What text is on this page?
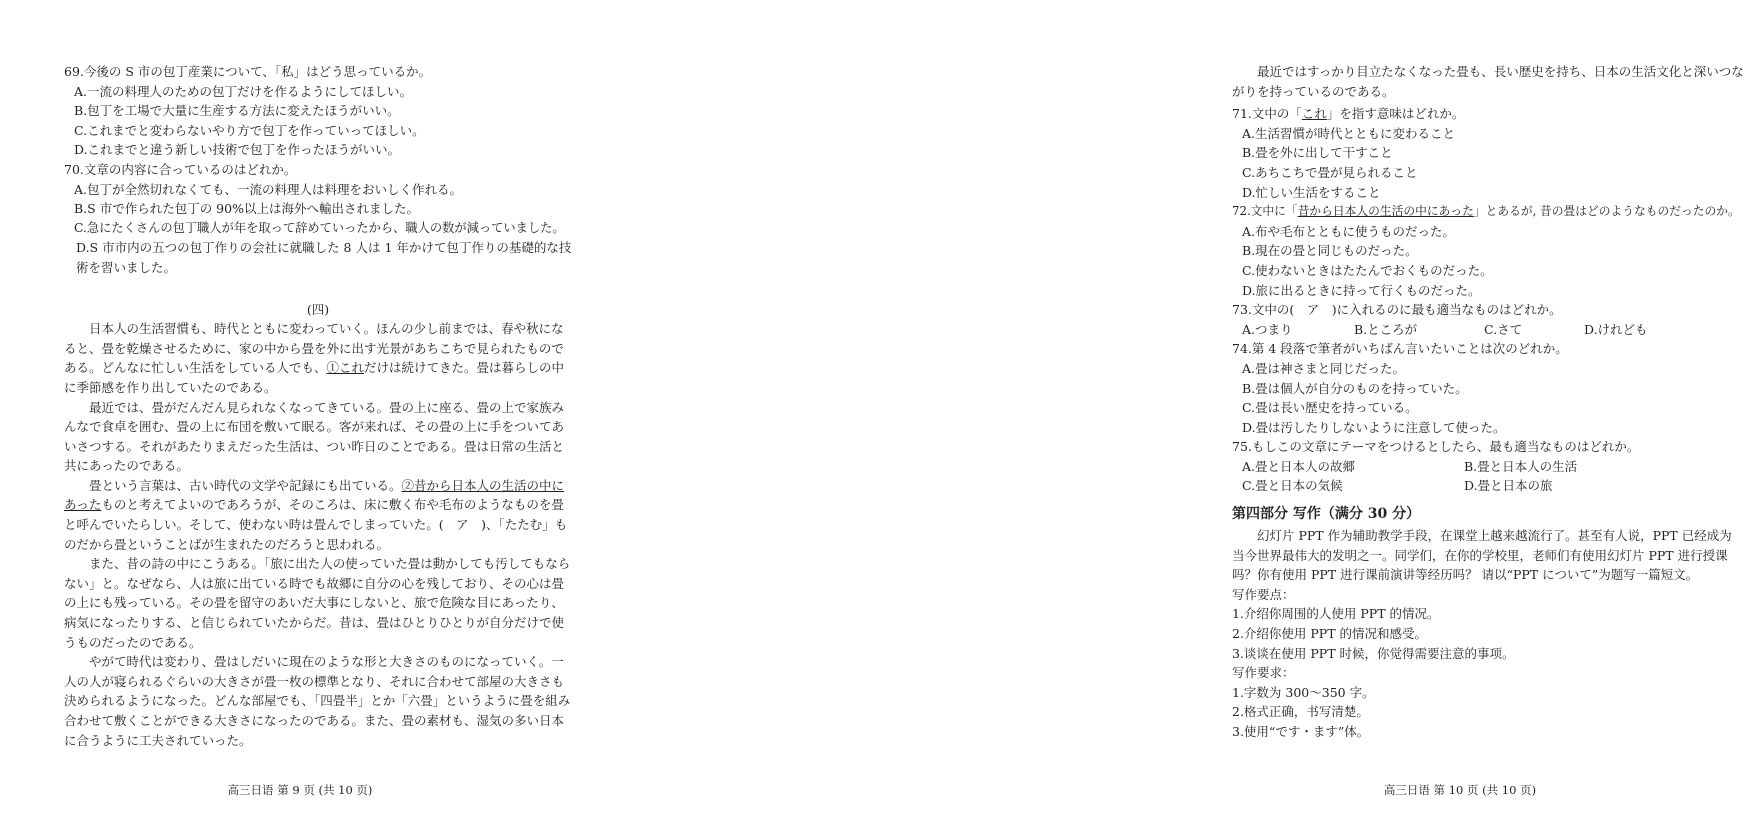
69.今後の S 市の包丁産業について、「私」はどう思っているか。
A.一流の料理人のための包丁だけを作るようにしてほしい。
B.包丁を工場で大量に生産する方法に変えたほうがいい。
C.これまでと変わらないやり方で包丁を作っていってほしい。
D.これまでと違う新しい技術で包丁を作ったほうがいい。
70.文章の内容に合っているのはどれか。
A.包丁が全然切れなくても、一流の料理人は料理をおいしく作れる。
B.S 市で作られた包丁の 90%以上は海外へ輸出されました。
C.急にたくさんの包丁職人が年を取って辞めていったから、職人の数が減っていました。
D.S 市市内の五つの包丁作りの会社に就職した 8 人は 1 年かけて包丁作りの基礎的な技術を習いました。
(四)
日本人の生活習慣も、時代とともに変わっていく。ほんの少し前までは、春や秋になると、畳を乾燥させるために、家の中から畳を外に出す光景があちこちで見られたものである。どんなに忙しい生活をしている人でも、①これだけは続けてきた。畳は暮らしの中に季節感を作り出していたのである。
最近では、畳がだんだん見られなくなってきている。畳の上に座る、畳の上で家族みんなで食卓を囲む、畳の上に布団を敷いて眠る。客が来れば、その畳の上に手をついてあいさつする。それがあたりまえだった生活は、つい昨日のことである。畳は日常の生活と共にあったのである。
畳という言葉は、古い時代の文学や記録にも出ている。②昔から日本人の生活の中にあったものと考えてよいのであろうが、そのころは、床に敷く布や毛布のようなものを畳と呼んでいたらしい。そして、使わない時は畳んでしまっていた。(　ア　)、「たたむ」ものだから畳ということばが生まれたのだろうと思われる。
また、昔の詩の中にこうある。「旅に出た人の使っていた畳は動かしても汚してもならない」と。なぜなら、人は旅に出ている時でも故郷に自分の心を残しており、その心は畳の上にも残っている。その畳を留守のあいだ大事にしないと、旅で危険な目にあったり、病気になったりする、と信じられていたからだ。昔は、畳はひとりひとりが自分だけで使うものだったのである。
やがて時代は変わり、畳はしだいに現在のような形と大きさのものになっていく。一人の人が寝られるぐらいの大きさが畳一枚の標準となり、それに合わせて部屋の大きさも決められるようになった。どんな部屋でも、「四畳半」とか「六畳」というように畳を組み合わせて敷くことができる大きさになったのである。また、畳の素材も、湿気の多い日本に合うように工夫されていった。
高三日语 第 9 页 (共 10 页)
最近ではすっかり目立たなくなった畳も、長い歴史を持ち、日本の生活文化と深いつながりを持っているのである。
71.文中の「これ」を指す意味はどれか。
A.生活習慣が時代とともに変わること
B.畳を外に出して干すこと
C.あちこちで畳が見られること
D.忙しい生活をすること
72.文中に「昔から日本人の生活の中にあった」とあるが, 昔の畳はどのようなものだったのか。
A.布や毛布とともに使うものだった。
B.現在の畳と同じものだった。
C.使わないときはたたんでおくものだった。
D.旅に出るときに持って行くものだった。
73.文中の(　ア　)に入れるのに最も適当なものはどれか。
A.つまり	B.ところが	C.さて	D.けれども
74.第 4 段落で筆者がいちばん言いたいことは次のどれか。
A.畳は神さまと同じだった。
B.畳は個人が自分のものを持っていた。
C.畳は長い歴史を持っている。
D.畳は汚したりしないように注意して使った。
75.もしこの文章にテーマをつけるとしたら、最も適当なものはどれか。
A.畳と日本人の故郷	B.畳と日本人の生活
C.畳と日本の気候	D.畳と日本の旅
第四部分 写作（满分 30 分）
幻灯片 PPT 作为辅助教学手段，在课堂上越来越流行了。甚至有人说，PPT 已经成为当今世界最伟大的发明之一。同学们，在你的学校里，老师们有使用幻灯片 PPT 进行授课吗？你有使用 PPT 进行课前演讲等经历吗？ 请以“PPT について”为题写一篇短文。
写作要点：
1.介绍你周围的人使用 PPT 的情况。
2.介绍你使用 PPT 的情况和感受。
3.谈谈在使用 PPT 时候，你觉得需要注意的事项。
写作要求：
1.字数为 300～350 字。
2.格式正确，书写清楚。
3.使用“です・ます”体。
高三日语 第 10 页 (共 10 页)
